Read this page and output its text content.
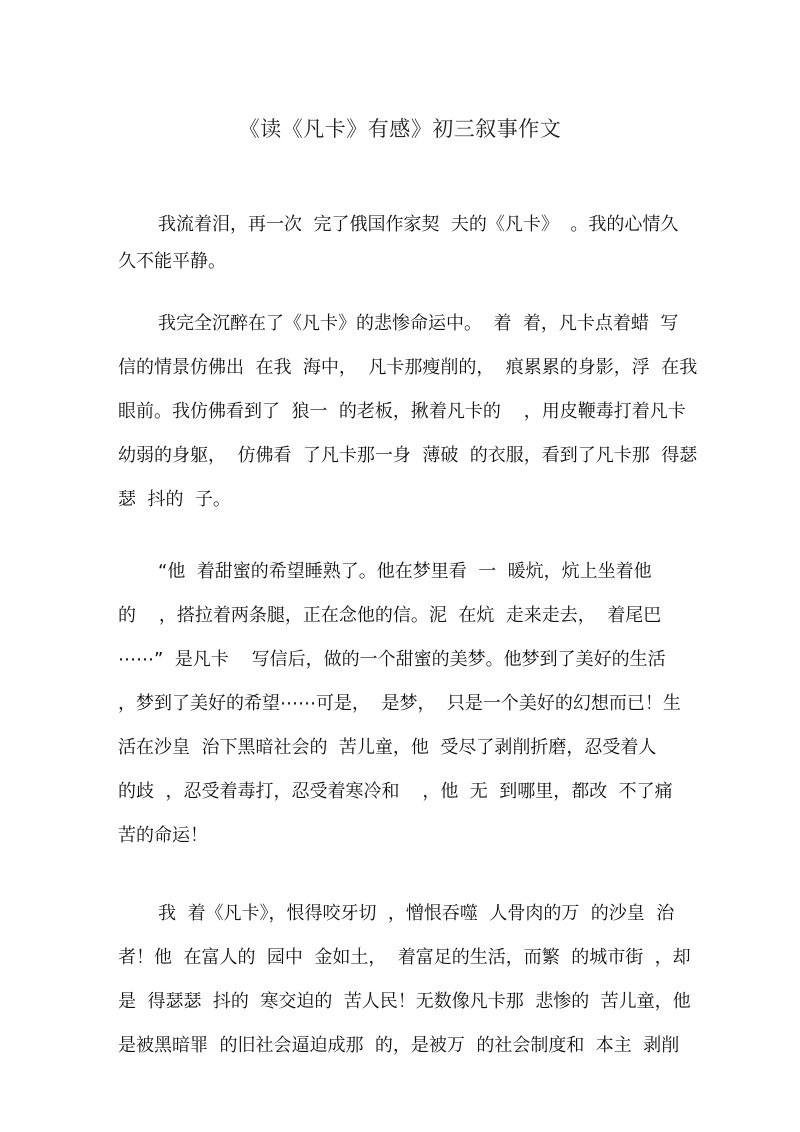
《读《凡卡》有感》初三叙事作文
我流着泪，再一次  完了俄国作家契  夫的《凡卡》  。我的心情久
久不能平静。
我完全沉醉在了《凡卡》的悲惨命运中。  着  着，凡卡点着蜡  写
信的情景仿佛出  在我  海中，  凡卡那瘦削的，  痕累累的身影，浮  在我
眼前。我仿佛看到了  狼一  的老板，揪着凡卡的    ，用皮鞭毒打着凡卡
幼弱的身躯，  仿佛看  了凡卡那一身  薄破  的衣服，看到了凡卡那  得瑟
瑟  抖的  子。
“他  着甜蜜的希望睡熟了。他在梦里看  一  暖炕，炕上坐着他
的    ，搭拉着两条腿，正在念他的信。泥  在炕  走来走去，  着尾巴
⋯⋯”  是凡卡    写信后，做的一个甜蜜的美梦。他梦到了美好的生活
，梦到了美好的希望⋯⋯可是，  是梦，  只是一个美好的幻想而已！生
活在沙皇  治下黑暗社会的  苦儿童，他  受尽了剥削折磨，忍受着人
的歧  ，忍受着毒打，忍受着寒冷和    ，他  无  到哪里，都改  不了痛
苦的命运！
我  着《凡卡》，恨得咬牙切  ，憎恨吞噬  人骨肉的万  的沙皇  治
者！他  在富人的  园中  金如土，  着富足的生活，而繁  的城市街  ，却
是  得瑟瑟  抖的  寒交迫的  苦人民！无数像凡卡那  悲惨的  苦儿童，他
是被黑暗罪  的旧社会逼迫成那  的，是被万  的社会制度和  本主  剥削
